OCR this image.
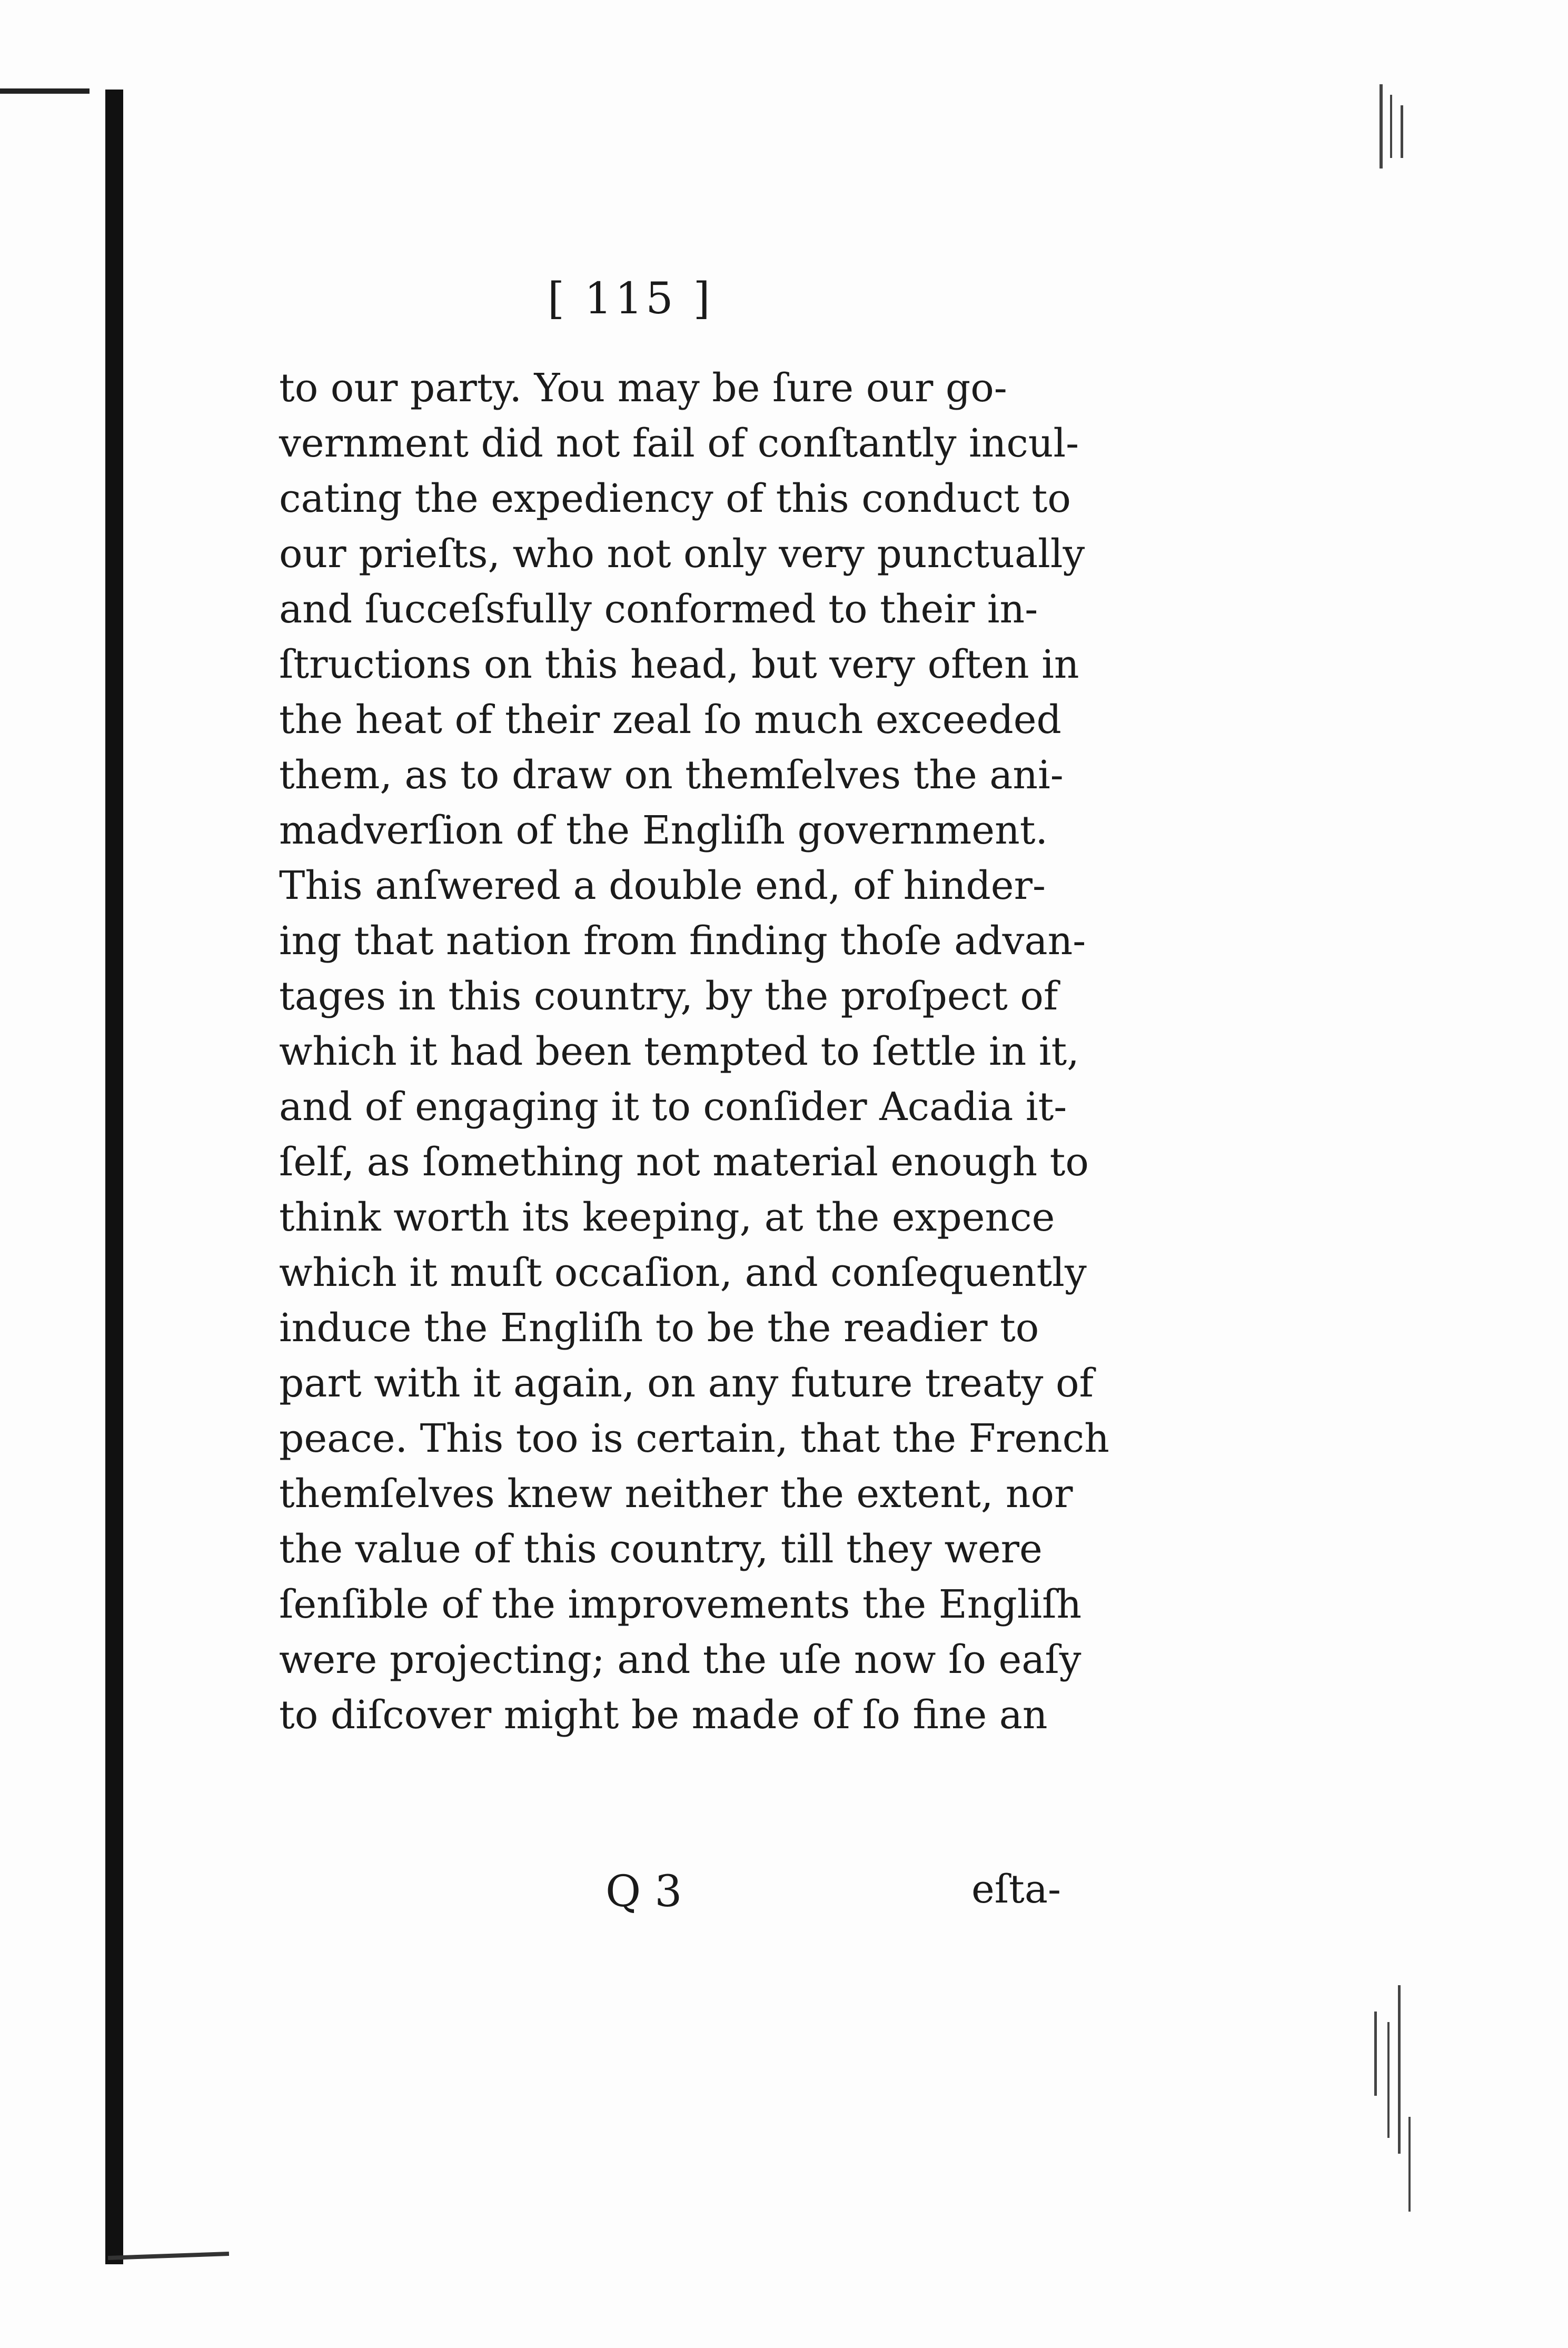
[ 115 ]
to our party. You may be ſure our go-
vernment did not fail of conſtantly incul-
cating the expediency of this conduct to
our prieſts, who not only very punctually
and ſucceſsfully conformed to their in-
ſtructions on this head, but very often in
the heat of their zeal ſo much exceeded
them, as to draw on themſelves the ani-
madverſion of the Engliſh government.
This anſwered a double end, of hinder-
ing that nation from finding thoſe advan-
tages in this country, by the proſpect of
which it had been tempted to ſettle in it,
and of engaging it to conſider Acadia it-
ſelf, as ſomething not material enough to
think worth its keeping, at the expence
which it muſt occaſion, and conſequently
induce the Engliſh to be the readier to
part with it again, on any future treaty of
peace. This too is certain, that the French
themſelves knew neither the extent, nor
the value of this country, till they were
ſenſible of the improvements the Engliſh
were projecting; and the uſe now ſo eaſy
to diſcover might be made of ſo fine an
Q 3	eſta-
